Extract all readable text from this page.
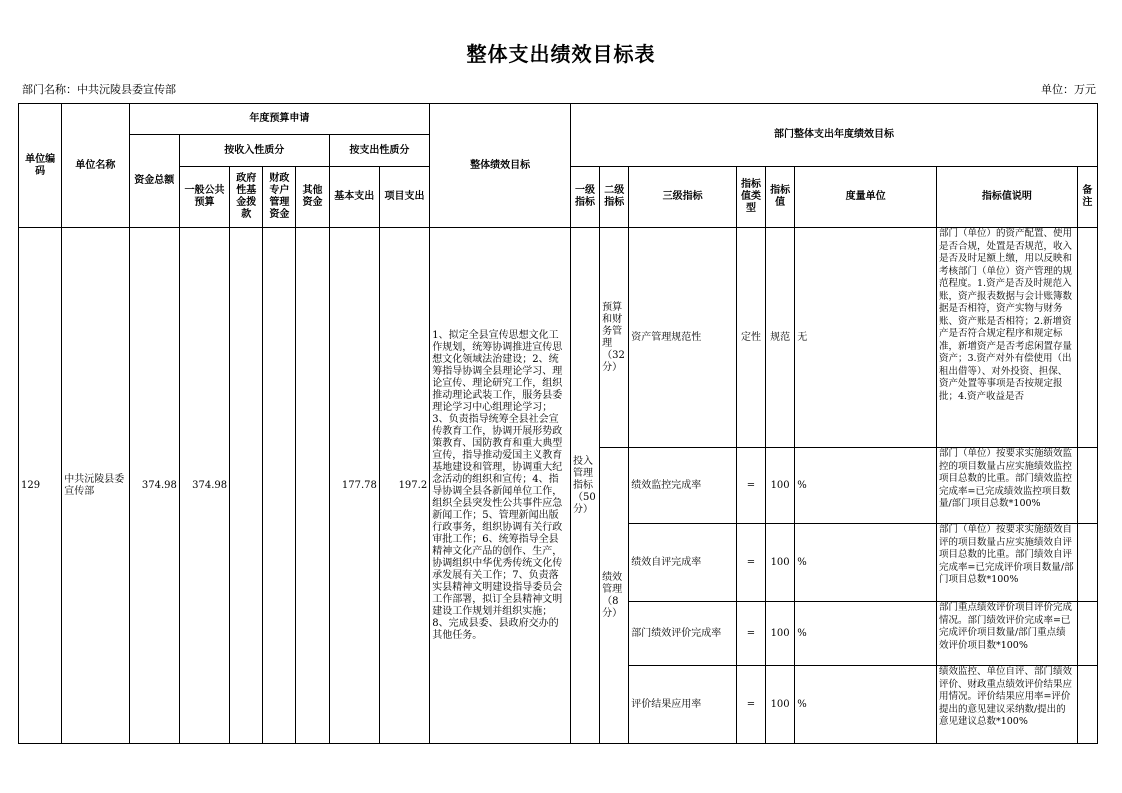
整体支出绩效目标表
部门名称：中共沅陵县委宣传部	单位：万元
单位编码	单位名称	年度预算申请							整体绩效目标	部门整体支出年度绩效目标							
		资金总额	按收入性质分				按支出性质分										
			一般公共预算	政府性基金拨款	财政专户管理资金	其他资金	基本支出	项目支出		一级指标	二级指标	三级指标	指标值类型	指标值	度量单位	指标值说明	备注
129	中共沅陵县委宣传部	374.98	374.98				177.78	197.2	1、拟定全县宣传思想文化工作规划，统筹协调推进宣传思想文化领域法治建设；2、统筹指导协调全县理论学习、理论宣传、理论研究工作，组织推动理论武装工作，服务县委理论学习中心组理论学习；3、负责指导统筹全县社会宣传教育工作，协调开展形势政策教育、国防教育和重大典型宣传，指导推动爱国主义教育基地建设和管理，协调重大纪念活动的组织和宣传；4、指导协调全县各新闻单位工作，组织全县突发性公共事件应急新闻工作；5、管理新闻出版行政事务，组织协调有关行政审批工作；6、统筹指导全县精神文化产品的创作、生产，协调组织中华优秀传统文化传承发展有关工作；7、负责落实县精神文明建设指导委员会工作部署，拟订全县精神文明建设工作规划并组织实施；8、完成县委、县政府交办的其他任务。	投入管理指标（50分）	预算和财务管理（32分）	资产管理规范性	定性	规范	无	部门（单位）的资产配置、使用是否合规，处置是否规范，收入是否及时足额上缴，用以反映和考核部门（单位）资产管理的规范程度。1.资产是否及时规范入账，资产报表数据与会计账簿数据是否相符，资产实物与财务账、资产账是否相符；2.新增资产是否符合规定程序和规定标准，新增资产是否考虑闲置存量资产；3.资产对外有偿使用（出租出借等）、对外投资、担保、资产处置等事项是否按规定报批；4.资产收益是否	

											绩效管理（8分）	绩效监控完成率	=	100	%	部门（单位）按要求实施绩效监控的项目数量占应实施绩效监控项目总数的比重。部门绩效监控完成率=已完成绩效监控项目数量/部门项目总数*100%	

												绩效自评完成率	=	100	%	部门（单位）按要求实施绩效自评的项目数量占应实施绩效自评项目总数的比重。部门绩效自评完成率=已完成评价项目数量/部门项目总数*100%	

												部门绩效评价完成率	=	100	%	部门重点绩效评价项目评价完成情况。部门绩效评价完成率=已完成评价项目数量/部门重点绩效评价项目数*100%	

												评价结果应用率	=	100	%	绩效监控、单位自评、部门绩效评价、财政重点绩效评价结果应用情况。评价结果应用率=评价提出的意见建议采纳数/提出的意见建议总数*100%	
